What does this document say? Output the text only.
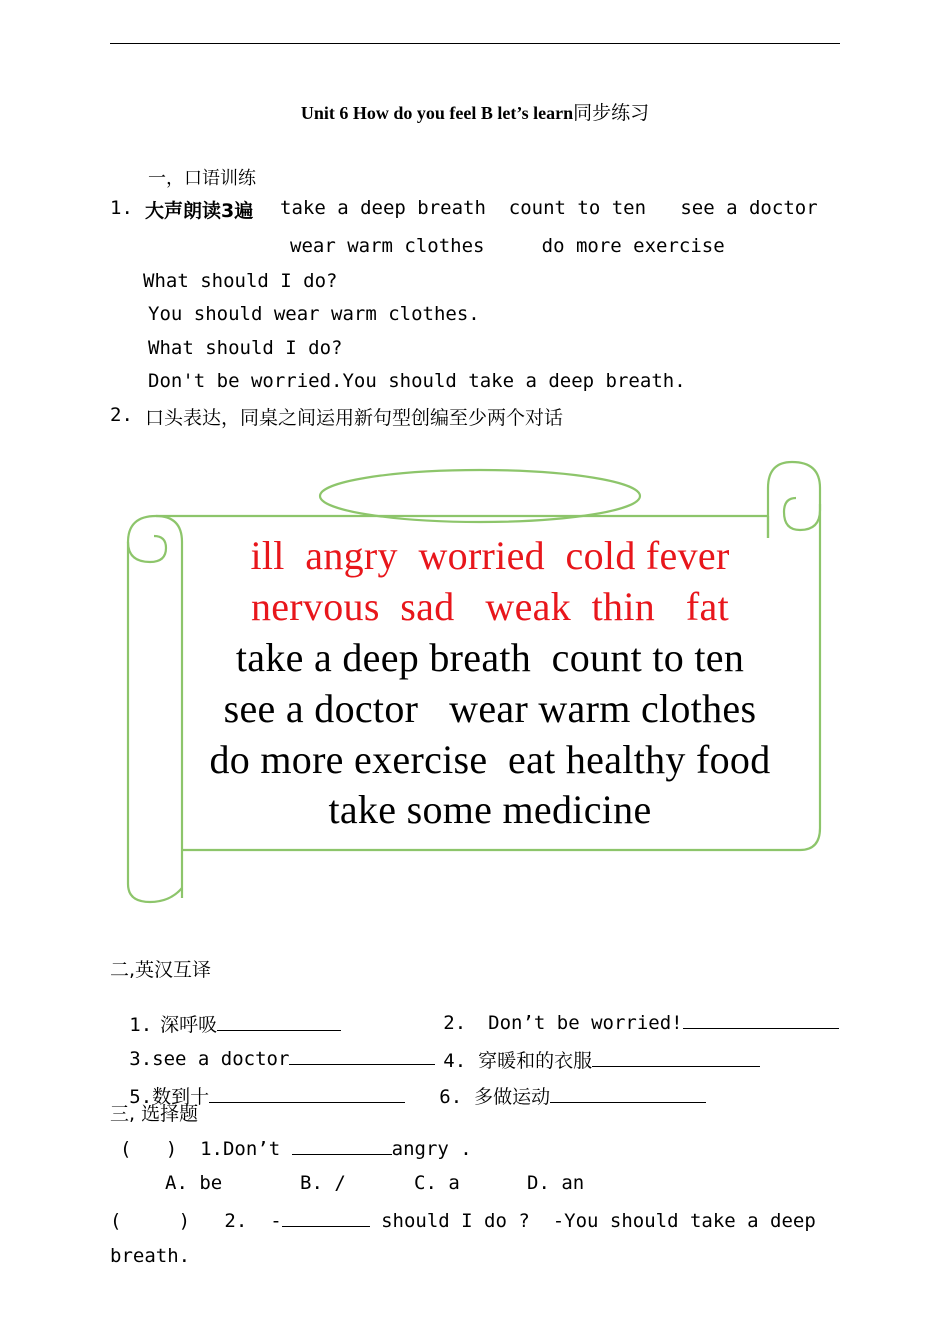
Unit 6 How do you feel B let’s learn同步练习
一，口语训练
1. 大声朗读3遍 take a deep breath  count to ten   see a doctor
wear warm clothes     do more exercise
What should I do?
You should wear warm clothes.
What should I do?
Don't be worried.You should take a deep breath.
2. 口头表达，同桌之间运用新句型创编至少两个对话
ill  angry  worried  cold fever
nervous  sad   weak  thin   fat
take a deep breath  count to ten
see a doctor   wear warm clothes
do more exercise  eat healthy food
take some medicine
二,英汉互译

1. 深呼吸	2. Don’t be worried!

3.see a doctor	4. 穿暖和的衣服

5.数到十	6. 多做运动

三, 选择题
(   ) 1.Don’t	angry .
A. be	B. /	C. a	D. an
(     ) 2. -	should I do ? -You should take a deep
breath.
